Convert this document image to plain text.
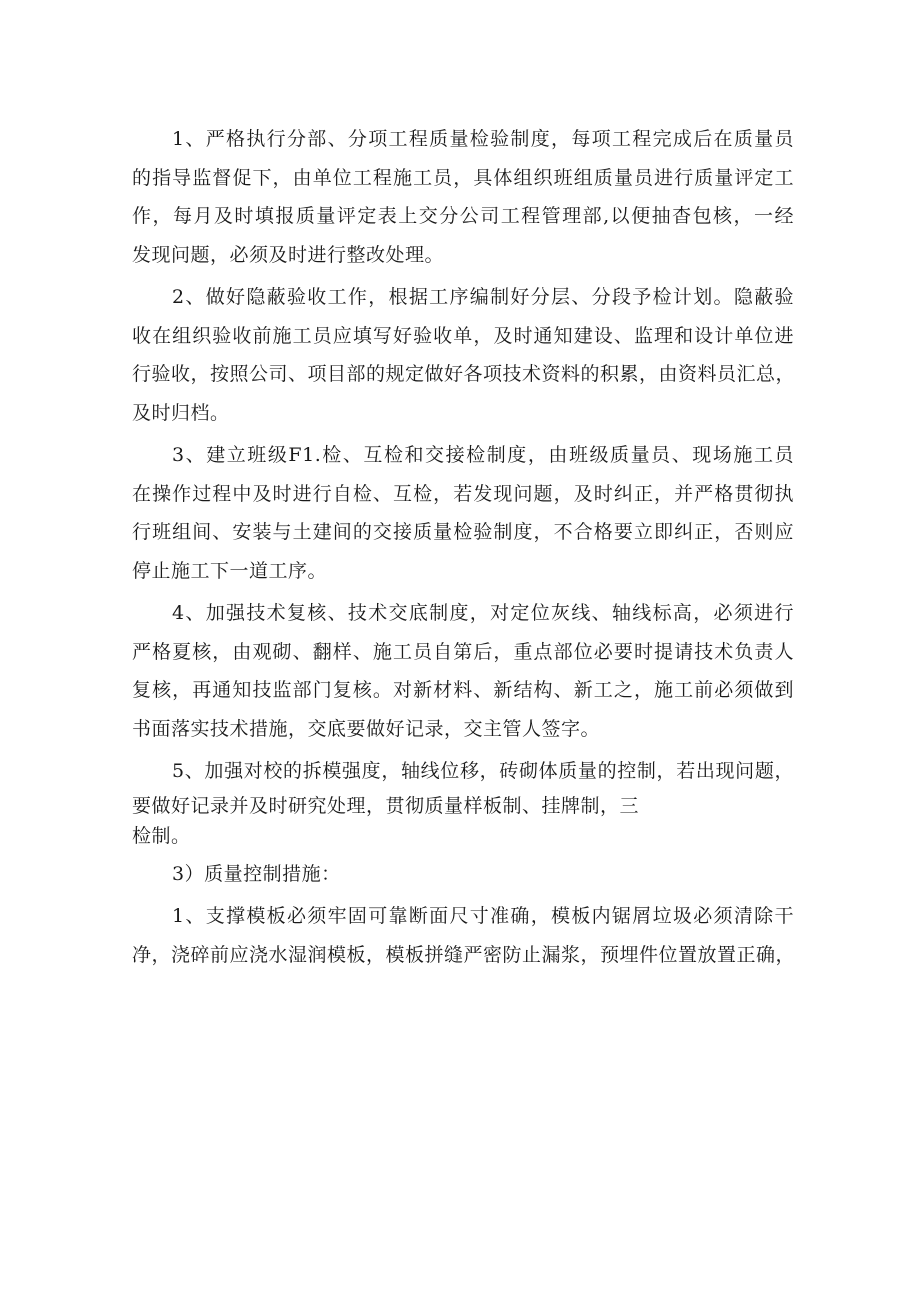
1、严格执行分部、分项工程质量检验制度，每项工程完成后在质量员
的指导监督促下，由单位工程施工员，具体组织班组质量员进行质量评定工
作，每月及时填报质量评定表上交分公司工程管理部,以便抽杳包核，一经
发现问题，必须及时进行整改处理。
2、做好隐蔽验收工作，根据工序编制好分层、分段予检计划。隐蔽验
收在组织验收前施工员应填写好验收单，及时通知建设、监理和设计单位进
行验收，按照公司、项目部的规定做好各项技术资料的积累，由资料员汇总，
及时归档。
3、建立班级F1.检、互检和交接检制度，由班级质量员、现场施工员
在操作过程中及时进行自检、互检，若发现问题，及时纠正，并严格贯彻执
行班组间、安装与土建间的交接质量检验制度，不合格要立即纠正，否则应
停止施工下一道工序。
4、加强技术复核、技术交底制度，对定位灰线、轴线标高，必须进行
严格夏核，由观砌、翻样、施工员自第后，重点部位必要时提请技术负责人
复核，再通知技监部门复核。对新材料、新结构、新工之，施工前必须做到
书面落实技术措施，交底要做好记录，交主管人签字。
5、加强对校的拆模强度，轴线位移，砖砌体质量的控制，若出现问题，
要做好记录并及时研究处理，贯彻质量样板制、挂牌制，三
检制。
3）质量控制措施：
1、支撑模板必须牢固可靠断面尺寸准确，模板内锯屑垃圾必须清除干
净，浇碎前应浇水湿润模板，模板拼缝严密防止漏浆，预埋件位置放置正确，
